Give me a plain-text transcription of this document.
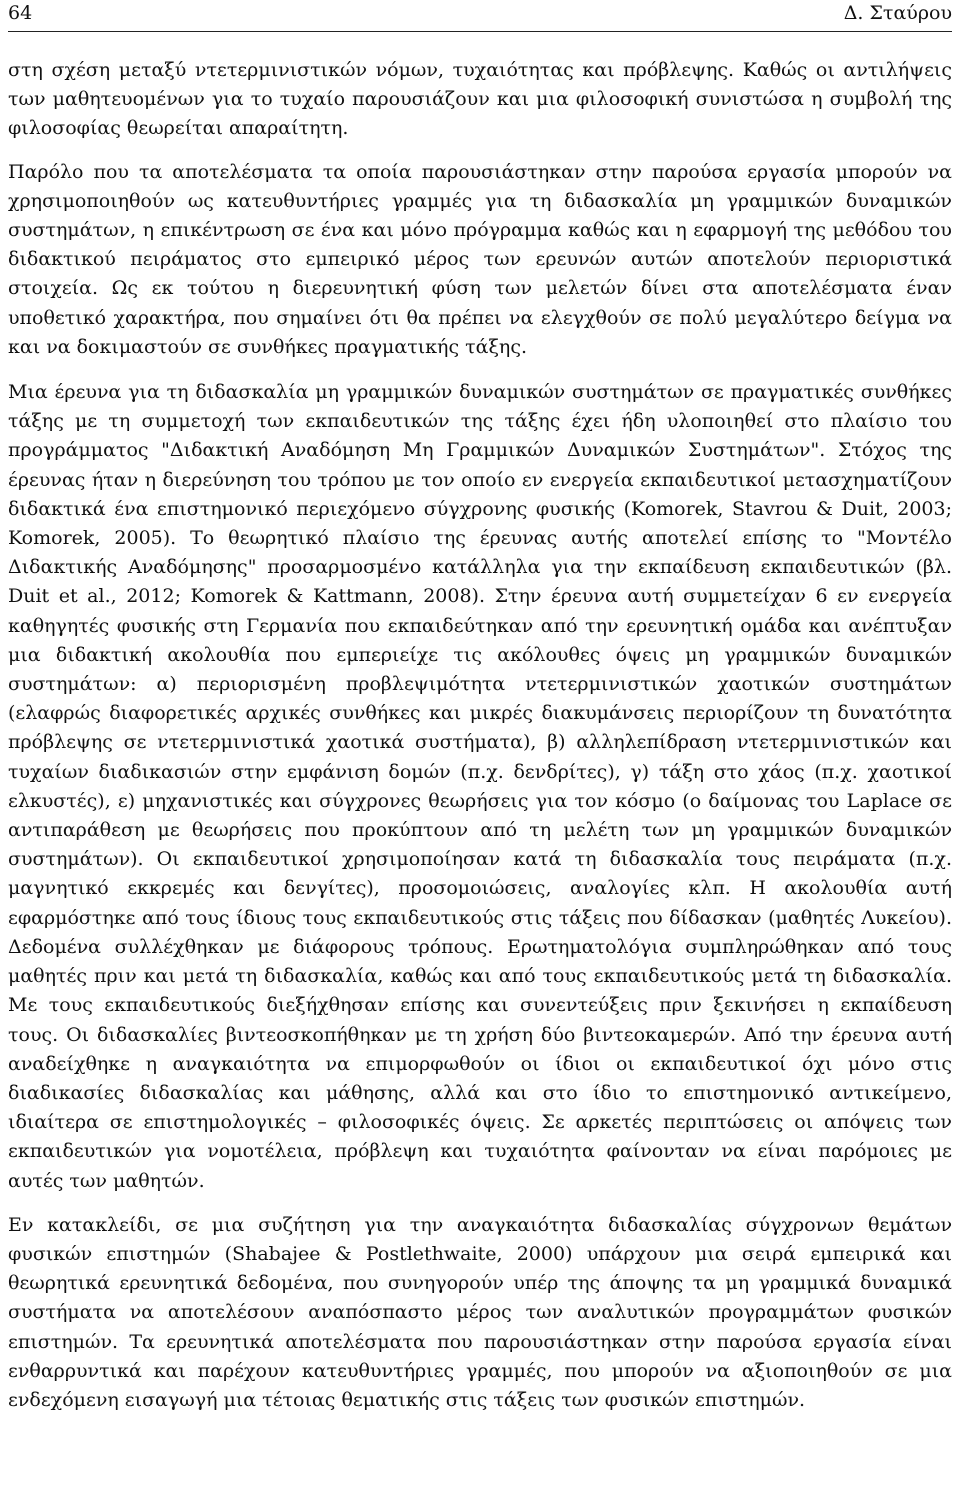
64	Δ. Σταύρου

στη σχέση μεταξύ ντετερμινιστικών νόμων, τυχαιότητας και πρόβλεψης. Καθώς οι αντιλήψεις των μαθητευομένων για το τυχαίο παρουσιάζουν και μια φιλοσοφική συνιστώσα η συμβολή της φιλοσοφίας θεωρείται απαραίτητη.

Παρόλο που τα αποτελέσματα τα οποία παρουσιάστηκαν στην παρούσα εργασία μπορούν να χρησιμοποιηθούν ως κατευθυντήριες γραμμές για τη διδασκαλία μη γραμμικών δυναμικών συστημάτων, η επικέντρωση σε ένα και μόνο πρόγραμμα καθώς και η εφαρμογή της μεθόδου του διδακτικού πειράματος στο εμπειρικό μέρος των ερευνών αυτών αποτελούν περιοριστικά στοιχεία. Ως εκ τούτου η διερευνητική φύση των μελετών δίνει στα αποτελέσματα έναν υποθετικό χαρακτήρα, που σημαίνει ότι θα πρέπει να ελεγχθούν σε πολύ μεγαλύτερο δείγμα να και να δοκιμαστούν σε συνθήκες πραγματικής τάξης.

Μια έρευνα για τη διδασκαλία μη γραμμικών δυναμικών συστημάτων σε πραγματικές συνθήκες τάξης με τη συμμετοχή των εκπαιδευτικών της τάξης έχει ήδη υλοποιηθεί στο πλαίσιο του προγράμματος "Διδακτική Αναδόμηση Μη Γραμμικών Δυναμικών Συστημάτων". Στόχος της έρευνας ήταν η διερεύνηση του τρόπου με τον οποίο εν ενεργεία εκπαιδευτικοί μετασχηματίζουν διδακτικά ένα επιστημονικό περιεχόμενο σύγχρονης φυσικής (Komorek, Stavrou & Duit, 2003; Komorek, 2005). Το θεωρητικό πλαίσιο της έρευνας αυτής αποτελεί επίσης το "Μοντέλο Διδακτικής Αναδόμησης" προσαρμοσμένο κατάλληλα για την εκπαίδευση εκπαιδευτικών (βλ. Duit et al., 2012; Komorek & Kattmann, 2008). Στην έρευνα αυτή συμμετείχαν 6 εν ενεργεία καθηγητές φυσικής στη Γερμανία που εκπαιδεύτηκαν από την ερευνητική ομάδα και ανέπτυξαν μια διδακτική ακολουθία που εμπεριείχε τις ακόλουθες όψεις μη γραμμικών δυναμικών συστημάτων: α) περιορισμένη προβλεψιμότητα ντετερμινιστικών χαοτικών συστημάτων (ελαφρώς διαφορετικές αρχικές συνθήκες και μικρές διακυμάνσεις περιορίζουν τη δυνατότητα πρόβλεψης σε ντετερμινιστικά χαοτικά συστήματα), β) αλληλεπίδραση ντετερμινιστικών και τυχαίων διαδικασιών στην εμφάνιση δομών (π.χ. δενδρίτες), γ) τάξη στο χάος (π.χ. χαοτικοί ελκυστές), ε) μηχανιστικές και σύγχρονες θεωρήσεις για τον κόσμο (ο δαίμονας του Laplace σε αντιπαράθεση με θεωρήσεις που προκύπτουν από τη μελέτη των μη γραμμικών δυναμικών συστημάτων). Οι εκπαιδευτικοί χρησιμοποίησαν κατά τη διδασκαλία τους πειράματα (π.χ. μαγνητικό εκκρεμές και δενγίτες), προσομοιώσεις, αναλογίες κλπ. Η ακολουθία αυτή εφαρμόστηκε από τους ίδιους τους εκπαιδευτικούς στις τάξεις που δίδασκαν (μαθητές Λυκείου). Δεδομένα συλλέχθηκαν με διάφορους τρόπους. Ερωτηματολόγια συμπληρώθηκαν από τους μαθητές πριν και μετά τη διδασκαλία, καθώς και από τους εκπαιδευτικούς μετά τη διδασκαλία. Με τους εκπαιδευτικούς διεξήχθησαν επίσης και συνεντεύξεις πριν ξεκινήσει η εκπαίδευση τους. Οι διδασκαλίες βιντεοσκοπήθηκαν με τη χρήση δύο βιντεοκαμερών. Από την έρευνα αυτή αναδείχθηκε η αναγκαιότητα να επιμορφωθούν οι ίδιοι οι εκπαιδευτικοί όχι μόνο στις διαδικασίες διδασκαλίας και μάθησης, αλλά και στο ίδιο το επιστημονικό αντικείμενο, ιδιαίτερα σε επιστημολογικές – φιλοσοφικές όψεις. Σε αρκετές περιπτώσεις οι απόψεις των εκπαιδευτικών για νομοτέλεια, πρόβλεψη και τυχαιότητα φαίνονταν να είναι παρόμοιες με αυτές των μαθητών.

Εν κατακλείδι, σε μια συζήτηση για την αναγκαιότητα διδασκαλίας σύγχρονων θεμάτων φυσικών επιστημών (Shabajee & Postlethwaite, 2000) υπάρχουν μια σειρά εμπειρικά και θεωρητικά ερευνητικά δεδομένα, που συνηγορούν υπέρ της άποψης τα μη γραμμικά δυναμικά συστήματα να αποτελέσουν αναπόσπαστο μέρος των αναλυτικών προγραμμάτων φυσικών επιστημών. Τα ερευνητικά αποτελέσματα που παρουσιάστηκαν στην παρούσα εργασία είναι ενθαρρυντικά και παρέχουν κατευθυντήριες γραμμές, που μπορούν να αξιοποιηθούν σε μια ενδεχόμενη εισαγωγή μια τέτοιας θεματικής στις τάξεις των φυσικών επιστημών.
